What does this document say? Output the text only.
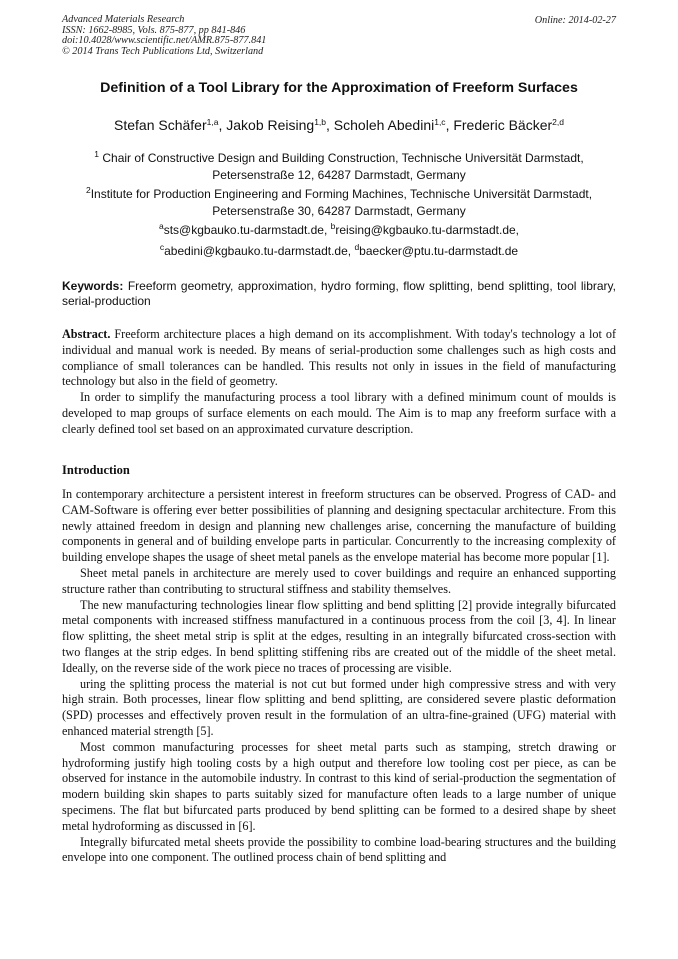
Advanced Materials Research
ISSN: 1662-8985, Vols. 875-877, pp 841-846
doi:10.4028/www.scientific.net/AMR.875-877.841
© 2014 Trans Tech Publications Ltd, Switzerland
Online: 2014-02-27
Definition of a Tool Library for the Approximation of Freeform Surfaces
Stefan Schäfer$^{1,a}$, Jakob Reising$^{1,b}$, Scholeh Abedini$^{1,c}$, Frederic Bäcker$^{2,d}$
$^1$ Chair of Constructive Design and Building Construction, Technische Universität Darmstadt,
Petersenstraße 12, 64287 Darmstadt, Germany
$^2$Institute for Production Engineering and Forming Machines, Technische Universität Darmstadt,
Petersenstraße 30, 64287 Darmstadt, Germany
$^a$sts@kgbauko.tu-darmstadt.de, $^b$reising@kgbauko.tu-darmstadt.de,
$^c$abedini@kgbauko.tu-darmstadt.de, $^d$baecker@ptu.tu-darmstadt.de
Keywords: Freeform geometry, approximation, hydro forming, flow splitting, bend splitting, tool library, serial-production

Abstract. Freeform architecture places a high demand on its accomplishment. With today's technology a lot of individual and manual work is needed. By means of serial-production some challenges such as high costs and compliance of small tolerances can be handled. This results not only in issues in the field of manufacturing technology but also in the field of geometry.

In order to simplify the manufacturing process a tool library with a defined minimum count of moulds is developed to map groups of surface elements on each mould. The Aim is to map any freeform surface with a clearly defined tool set based on an approximated curvature description.

Introduction

In contemporary architecture a persistent interest in freeform structures can be observed. Progress of CAD- and CAM-Software is offering ever better possibilities of planning and designing spectacular architecture. From this newly attained freedom in design and planning new challenges arise, concerning the manufacture of building components in general and of building envelope parts in particular. Concurrently to the increasing complexity of building envelope shapes the usage of sheet metal panels as the envelope material has become more popular [1].

Sheet metal panels in architecture are merely used to cover buildings and require an enhanced supporting structure rather than contributing to structural stiffness and stability themselves.

The new manufacturing technologies linear flow splitting and bend splitting [2] provide integrally bifurcated metal components with increased stiffness manufactured in a continuous process from the coil [3, 4]. In linear flow splitting, the sheet metal strip is split at the edges, resulting in an integrally bifurcated cross-section with two flanges at the strip edges. In bend splitting stiffening ribs are created out of the middle of the sheet metal. Ideally, on the reverse side of the work piece no traces of processing are visible.

uring the splitting process the material is not cut but formed under high compressive stress and with very high strain. Both processes, linear flow splitting and bend splitting, are considered severe plastic deformation (SPD) processes and effectively proven result in the formulation of an ultra-fine-grained (UFG) material with enhanced material strength [5].

Most common manufacturing processes for sheet metal parts such as stamping, stretch drawing or hydroforming justify high tooling costs by a high output and therefore low tooling cost per piece, as can be observed for instance in the automobile industry. In contrast to this kind of serial-production the segmentation of modern building skin shapes to parts suitably sized for manufacture often leads to a large number of unique specimens. The flat but bifurcated parts produced by bend splitting can be formed to a desired shape by sheet metal hydroforming as discussed in [6].

Integrally bifurcated metal sheets provide the possibility to combine load-bearing structures and the building envelope into one component. The outlined process chain of bend splitting and
